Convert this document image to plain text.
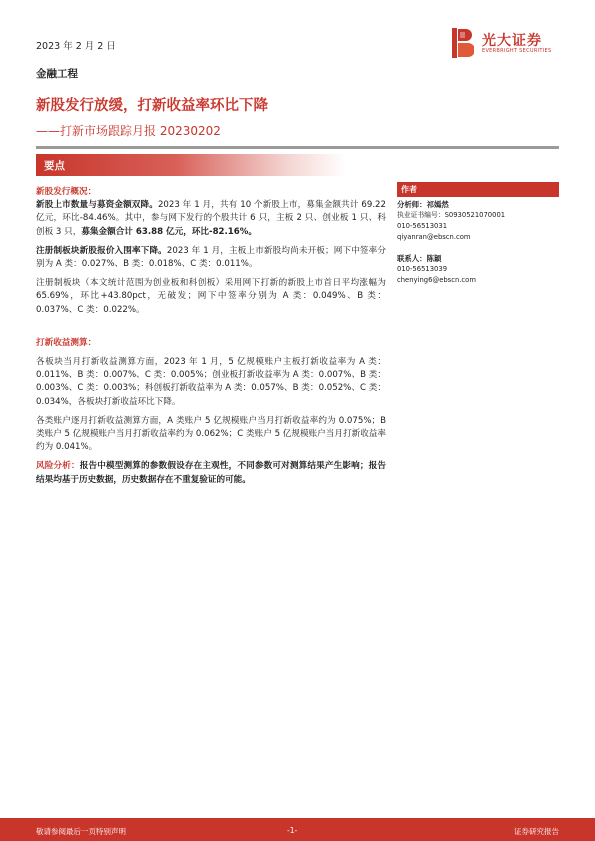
2023 年 2 月 2 日	光大证券
EVERBRIGHT SECURITIES
金融工程
新股发行放缓，打新收益率环比下降
——打新市场跟踪月报 20230202
要点

新股发行概况：

新股上市数量与募资金额双降。2023 年 1 月，共有 10 个新股上市，募集金额共计 69.22 亿元，环比-84.46%。其中，参与网下发行的个股共计 6 只，主板 2 只、创业板 1 只、科创板 3 只，募集金额合计 63.88 亿元，环比-82.16%。

注册制板块新股报价入围率下降。2023 年 1 月，主板上市新股均尚未开板；网下中签率分别为 A 类：0.027%、B 类：0.018%、C 类：0.011%。

注册制板块（本文统计范围为创业板和科创板）采用网下打新的新股上市首日平均涨幅为 65.69%，环比+43.80pct，无破发；网下中签率分别为 A 类：0.049%、B 类：0.037%、C 类：0.022%。

打新收益测算：

各板块当月打新收益测算方面，2023 年 1 月，5 亿规模账户主板打新收益率为 A 类：0.011%、B 类：0.007%、C 类：0.005%；创业板打新收益率为 A 类：0.007%、B 类：0.003%、C 类：0.003%；科创板打新收益率为 A 类：0.057%、B 类：0.052%、C 类：0.034%，各板块打新收益环比下降。

各类账户逐月打新收益测算方面，A 类账户 5 亿规模账户当月打新收益率约为 0.075%；B 类账户 5 亿规模账户当月打新收益率约为 0.062%；C 类账户 5 亿规模账户当月打新收益率约为 0.041%。

风险分析：报告中模型测算的参数假设存在主观性，不同参数可对测算结果产生影响；报告结果均基于历史数据，历史数据存在不重复验证的可能。

作者
分析师：祁嫣然
执业证书编号：S0930521070001
010-56513031
qiyanran@ebscn.com
联系人：陈颖
010-56513039
chenying6@ebscn.com
敬请参阅最后一页特别声明	-1-	证券研究报告
